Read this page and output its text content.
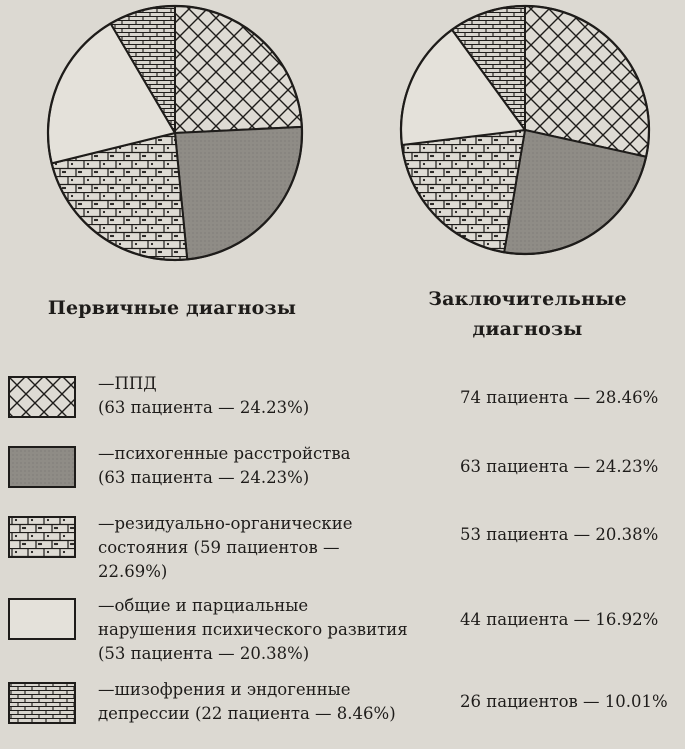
Первичные диагнозы	Заключительные
диагнозы
—ППД
(63 пациента — 24.23%)
74 пациента — 28.46%
—психогенные расстройства
(63 пациента — 24.23%)
63 пациента — 24.23%
—резидуально-органические
состояния (59 пациентов —
22.69%)
53 пациента — 20.38%
—общие и парциальные
нарушения психического развития
(53 пациента — 20.38%)
44 пациента — 16.92%
—шизофрения и эндогенные
депрессии (22 пациента — 8.46%)
26 пациентов — 10.01%
